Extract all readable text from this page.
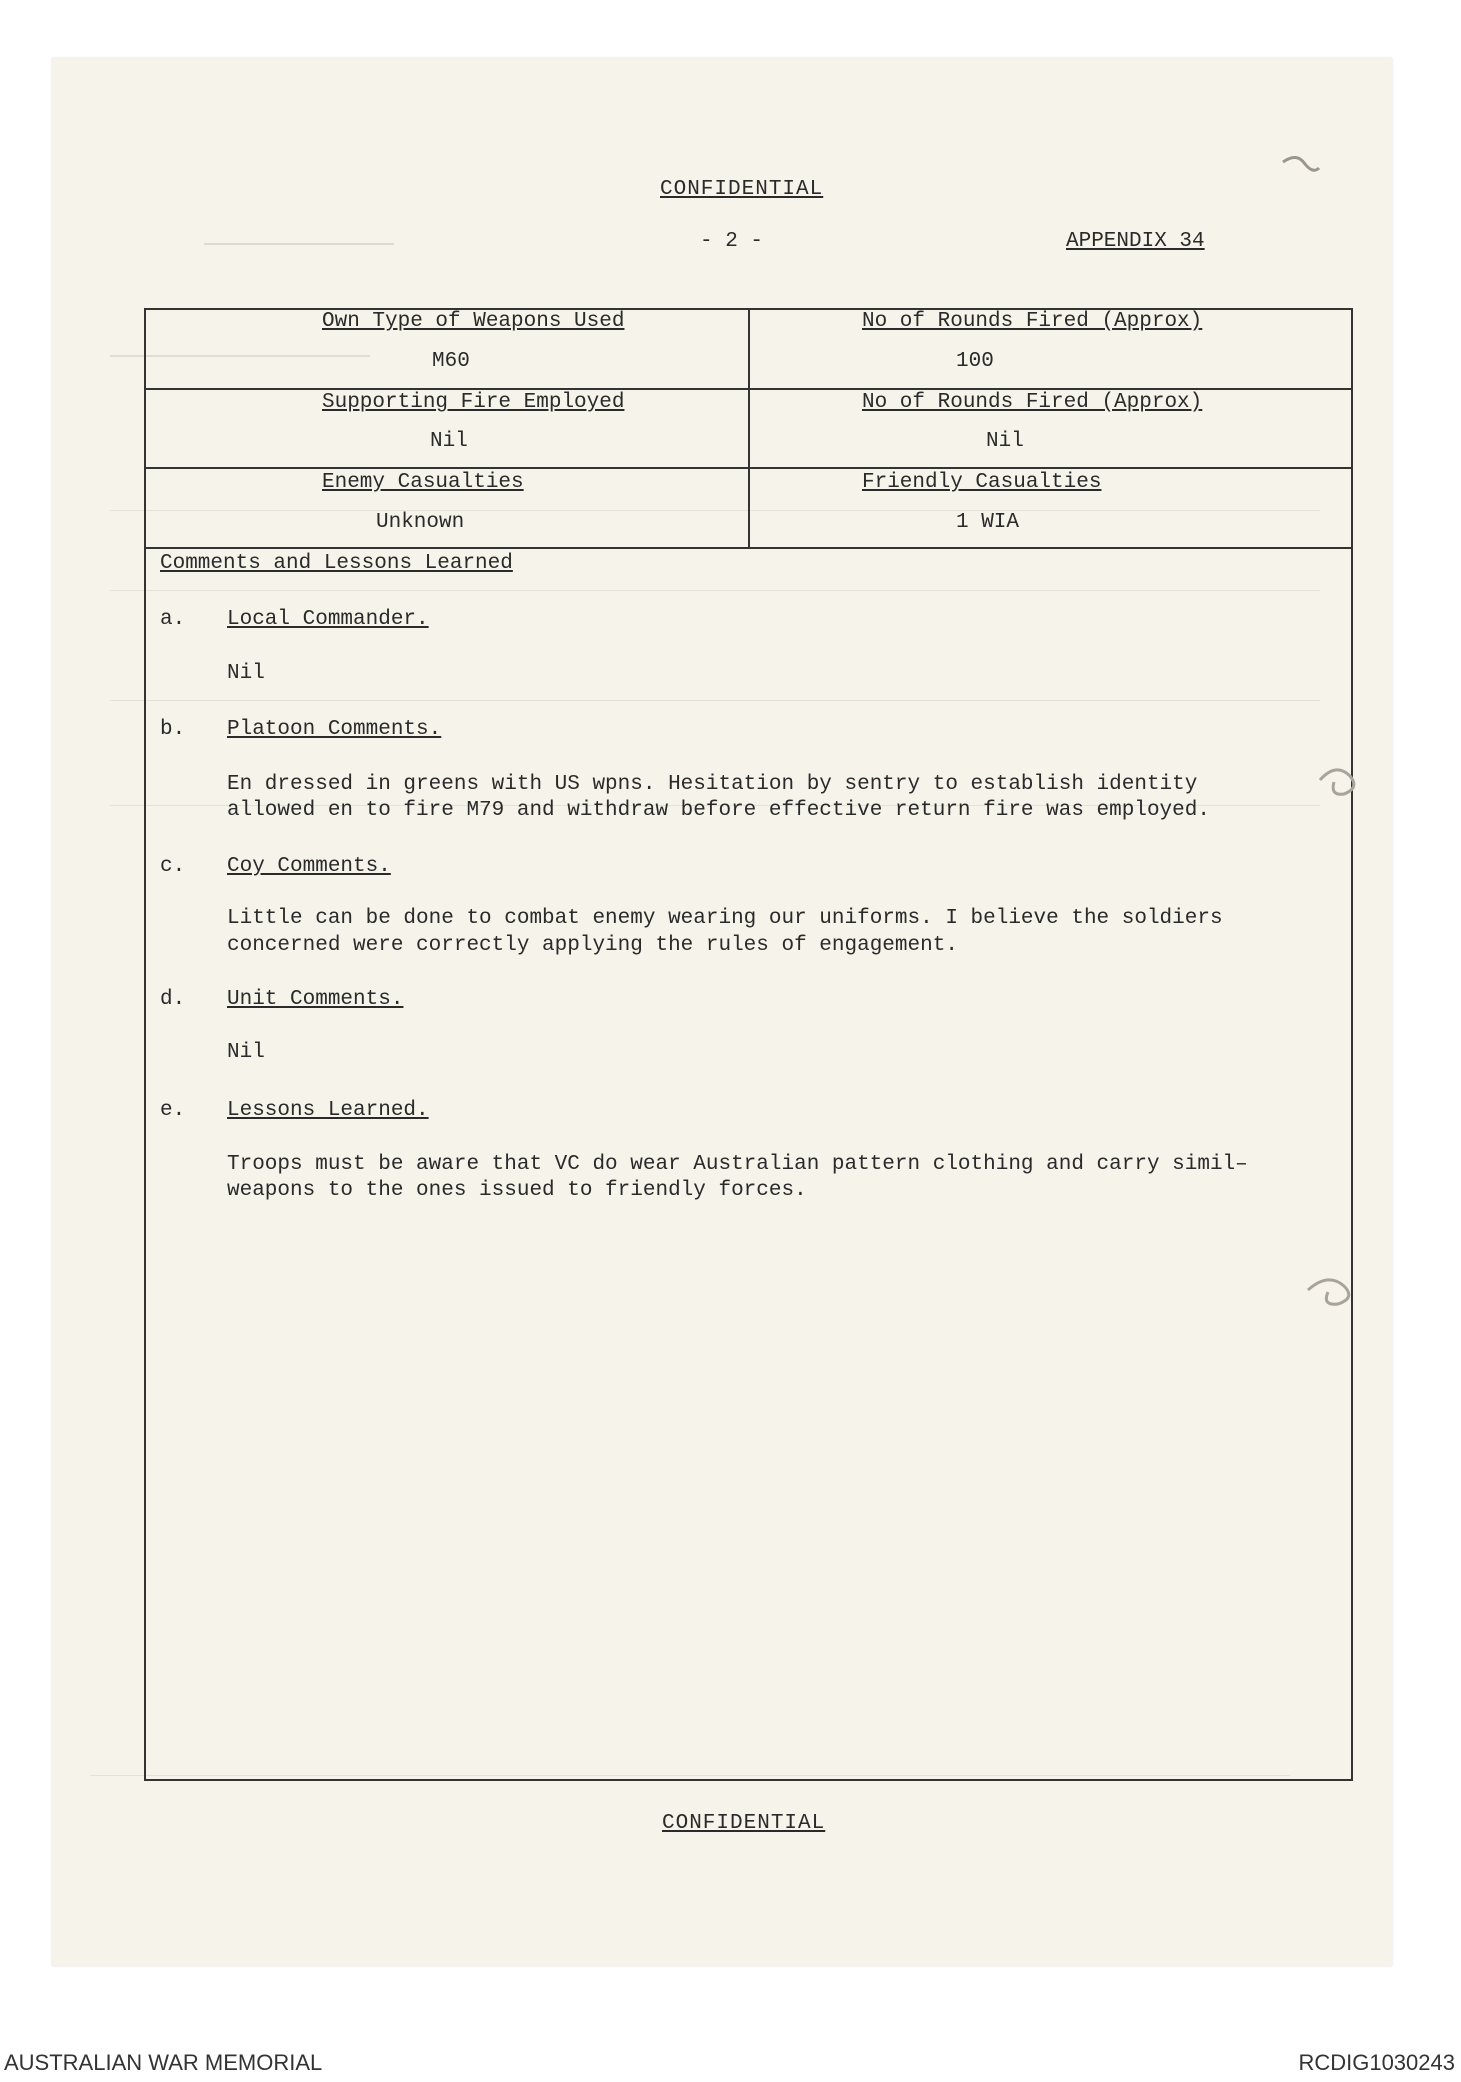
CONFIDENTIAL
- 2 -	APPENDIX 34
Own Type of Weapons Used
M60
No of Rounds Fired (Approx)
100
Supporting Fire Employed
Nil
No of Rounds Fired (Approx)
Nil
Enemy Casualties
Unknown
Friendly Casualties
1 WIA
Comments and Lessons Learned
a. Local Commander.
Nil
b. Platoon Comments.
En dressed in greens with US wpns. Hesitation by sentry to establish identity
allowed en to fire M79 and withdraw before effective return fire was employed.
c. Coy Comments.
Little can be done to combat enemy wearing our uniforms. I believe the soldiers
concerned were correctly applying the rules of engagement.
d. Unit Comments.
Nil
e. Lessons Learned.
Troops must be aware that VC do wear Australian pattern clothing and carry simil–
weapons to the ones issued to friendly forces.
CONFIDENTIAL
AUSTRALIAN WAR MEMORIAL	RCDIG1030243
